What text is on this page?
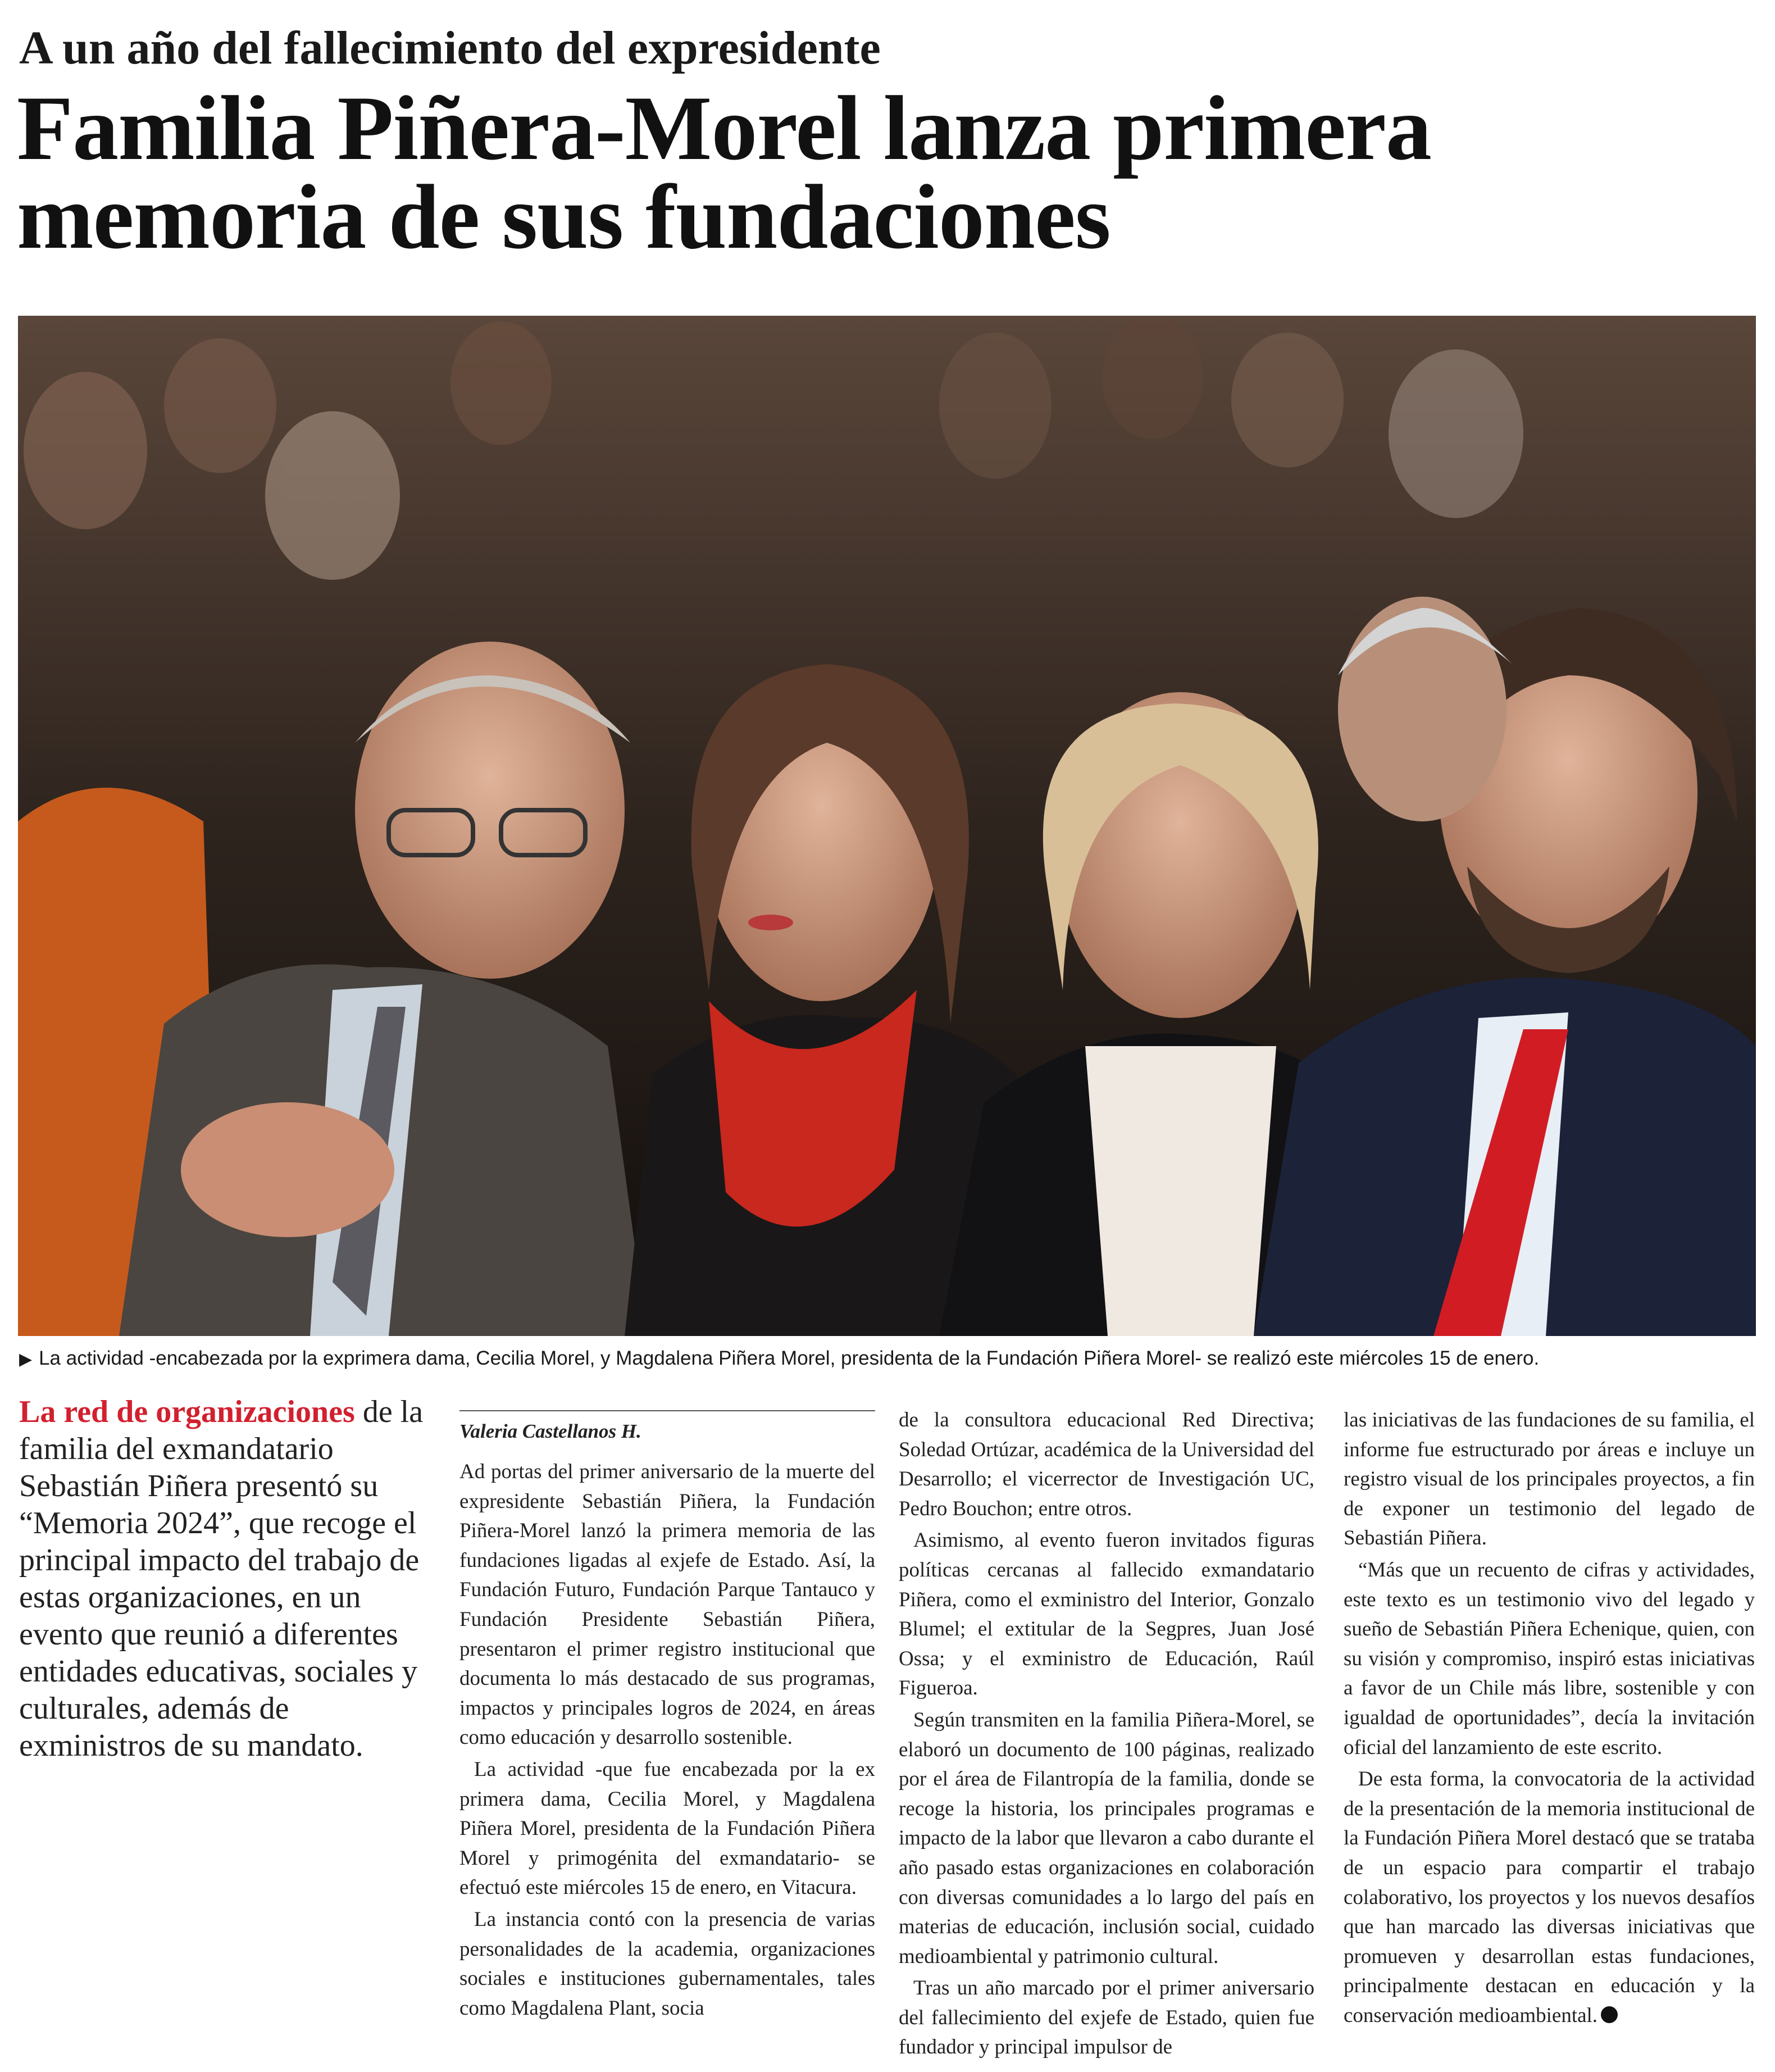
A un año del fallecimiento del expresidente
Familia Piñera-Morel lanza primera memoria de sus fundaciones
▶ La actividad -encabezada por la exprimera dama, Cecilia Morel, y Magdalena Piñera Morel, presidenta de la Fundación Piñera Morel- se realizó este miércoles 15 de enero.
La red de organizaciones de la familia del exmandatario Sebastián Piñera presentó su “Memoria 2024”, que recoge el principal impacto del trabajo de estas organizaciones, en un evento que reunió a diferentes entidades educativas, sociales y culturales, además de exministros de su mandato.
Valeria Castellanos H.

Ad portas del primer aniversario de la muerte del expresidente Sebastián Piñera, la Fundación Piñera-Morel lanzó la primera memoria de las fundaciones ligadas al exjefe de Estado. Así, la Fundación Futuro, Fundación Parque Tantauco y Fundación Presidente Sebastián Piñera, presentaron el primer registro institucional que documenta lo más destacado de sus programas, impactos y principales logros de 2024, en áreas como educación y desarrollo sostenible.

La actividad -que fue encabezada por la ex primera dama, Cecilia Morel, y Magdalena Piñera Morel, presidenta de la Fundación Piñera Morel y primogénita del exmandatario- se efectuó este miércoles 15 de enero, en Vitacura.

La instancia contó con la presencia de varias personalidades de la academia, organizaciones sociales e instituciones gubernamentales, tales como Magdalena Plant, socia

de la consultora educacional Red Directiva; Soledad Ortúzar, académica de la Universidad del Desarrollo; el vicerrector de Investigación UC, Pedro Bouchon; entre otros.

Asimismo, al evento fueron invitados figuras políticas cercanas al fallecido exmandatario Piñera, como el exministro del Interior, Gonzalo Blumel; el extitular de la Segpres, Juan José Ossa; y el exministro de Educación, Raúl Figueroa.

Según transmiten en la familia Piñera-Morel, se elaboró un documento de 100 páginas, realizado por el área de Filantropía de la familia, donde se recoge la historia, los principales programas e impacto de la labor que llevaron a cabo durante el año pasado estas organizaciones en colaboración con diversas comunidades a lo largo del país en materias de educación, inclusión social, cuidado medioambiental y patrimonio cultural.

Tras un año marcado por el primer aniversario del fallecimiento del exjefe de Estado, quien fue fundador y principal impulsor de

las iniciativas de las fundaciones de su familia, el informe fue estructurado por áreas e incluye un registro visual de los principales proyectos, a fin de exponer un testimonio del legado de Sebastián Piñera.

“Más que un recuento de cifras y actividades, este texto es un testimonio vivo del legado y sueño de Sebastián Piñera Echenique, quien, con su visión y compromiso, inspiró estas iniciativas a favor de un Chile más libre, sostenible y con igualdad de oportunidades”, decía la invitación oficial del lanzamiento de este escrito.

De esta forma, la convocatoria de la actividad de la presentación de la memoria institucional de la Fundación Piñera Morel destacó que se trataba de un espacio para compartir el trabajo colaborativo, los proyectos y los nuevos desafíos que han marcado las diversas iniciativas que promueven y desarrollan estas fundaciones, principalmente destacan en educación y la conservación medioambiental.
